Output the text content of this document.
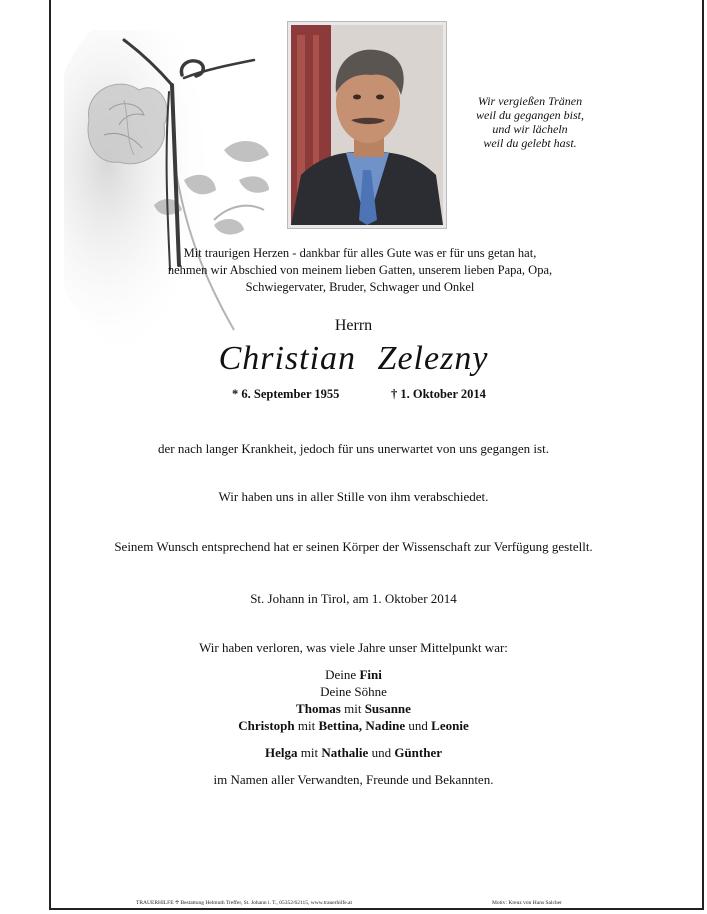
Wir vergießen Tränen
weil du gegangen bist,
und wir lächeln
weil du gelebt hast.
Mit traurigen Herzen - dankbar für alles Gute was er für uns getan hat,
nehmen wir Abschied von meinem lieben Gatten, unserem lieben Papa, Opa,
Schwiegervater, Bruder, Schwager und Onkel
Herrn
Christian Zelezny
* 6. September 1955	† 1. Oktober 2014
der nach langer Krankheit, jedoch für uns unerwartet von uns gegangen ist.
Wir haben uns in aller Stille von ihm verabschiedet.
Seinem Wunsch entsprechend hat er seinen Körper der Wissenschaft zur Verfügung gestellt.
St. Johann in Tirol, am 1. Oktober 2014
Wir haben verloren, was viele Jahre unser Mittelpunkt war:
Deine Fini
Deine Söhne
Thomas mit Susanne
Christoph mit Bettina, Nadine und Leonie
Helga mit Nathalie und Günther
im Namen aller Verwandten, Freunde und Bekannten.
TRAUERHILFE ♰ Bestattung Helmuth Treffer, St. Johann i. T., 05352/62115, www.trauerhilfe.at	Motiv: Kreuz von Hans Salcher
